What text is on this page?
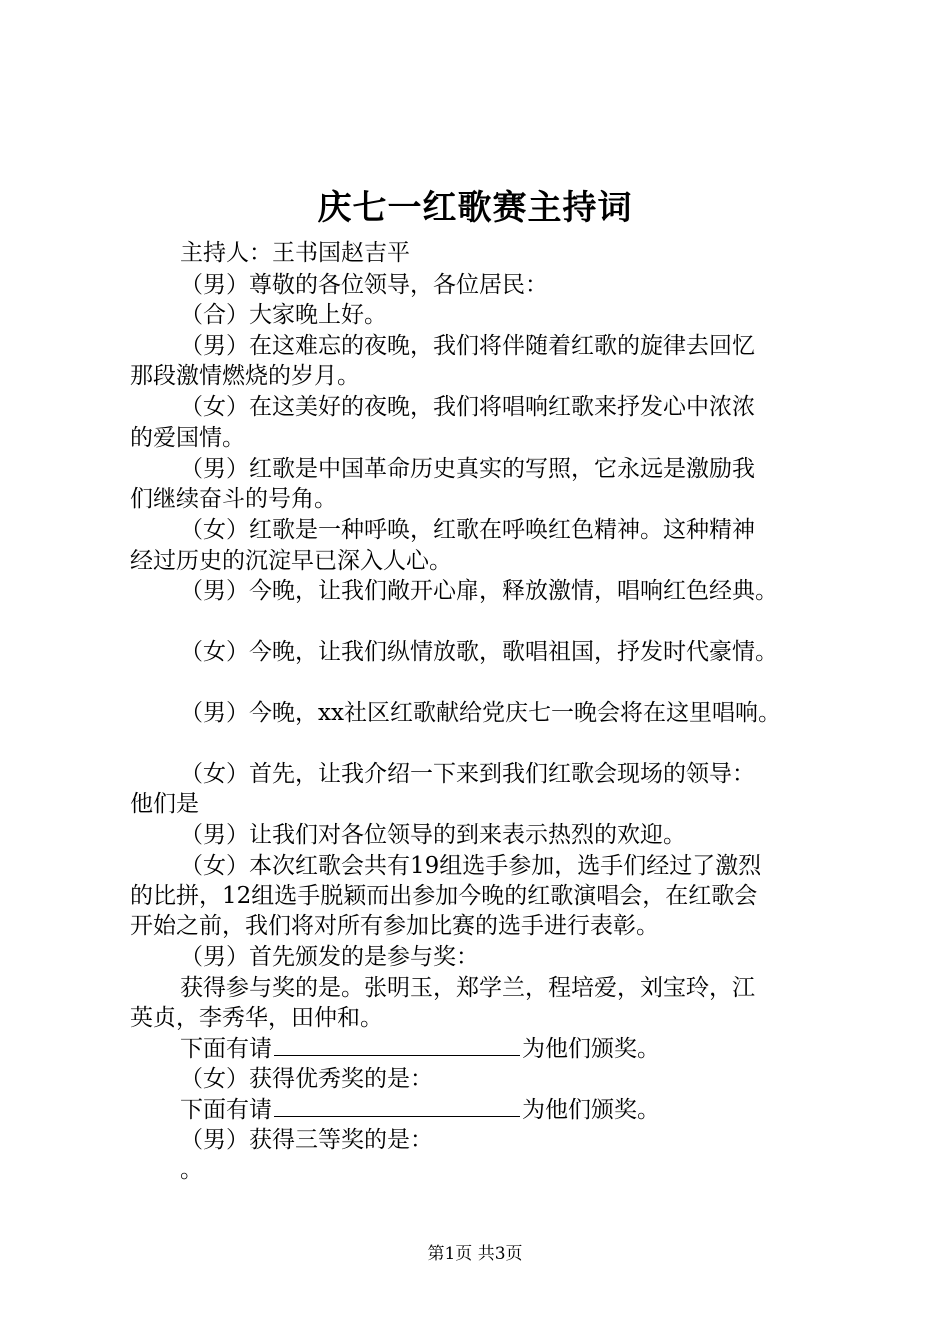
庆七一红歌赛主持词
主持人：王书国赵吉平
（男）尊敬的各位领导，各位居民：
（合）大家晚上好。
（男）在这难忘的夜晚，我们将伴随着红歌的旋律去回忆
那段激情燃烧的岁月。
（女）在这美好的夜晚，我们将唱响红歌来抒发心中浓浓
的爱国情。
（男）红歌是中国革命历史真实的写照，它永远是激励我
们继续奋斗的号角。
（女）红歌是一种呼唤，红歌在呼唤红色精神。这种精神
经过历史的沉淀早已深入人心。
（男）今晚，让我们敞开心扉，释放激情，唱响红色经典。
（女）今晚，让我们纵情放歌，歌唱祖国，抒发时代豪情。
（男）今晚，xx社区红歌献给党庆七一晚会将在这里唱响。
（女）首先，让我介绍一下来到我们红歌会现场的领导：
他们是
（男）让我们对各位领导的到来表示热烈的欢迎。
（女）本次红歌会共有19组选手参加，选手们经过了激烈
的比拼，12组选手脱颖而出参加今晚的红歌演唱会，在红歌会
开始之前，我们将对所有参加比赛的选手进行表彰。
（男）首先颁发的是参与奖：
获得参与奖的是。张明玉，郑学兰，程培爱，刘宝玲，江
英贞，李秀华，田仲和。
下面有请	为他们颁奖。
（女）获得优秀奖的是：
下面有请	为他们颁奖。
（男）获得三等奖的是：
。
第1页 共3页
